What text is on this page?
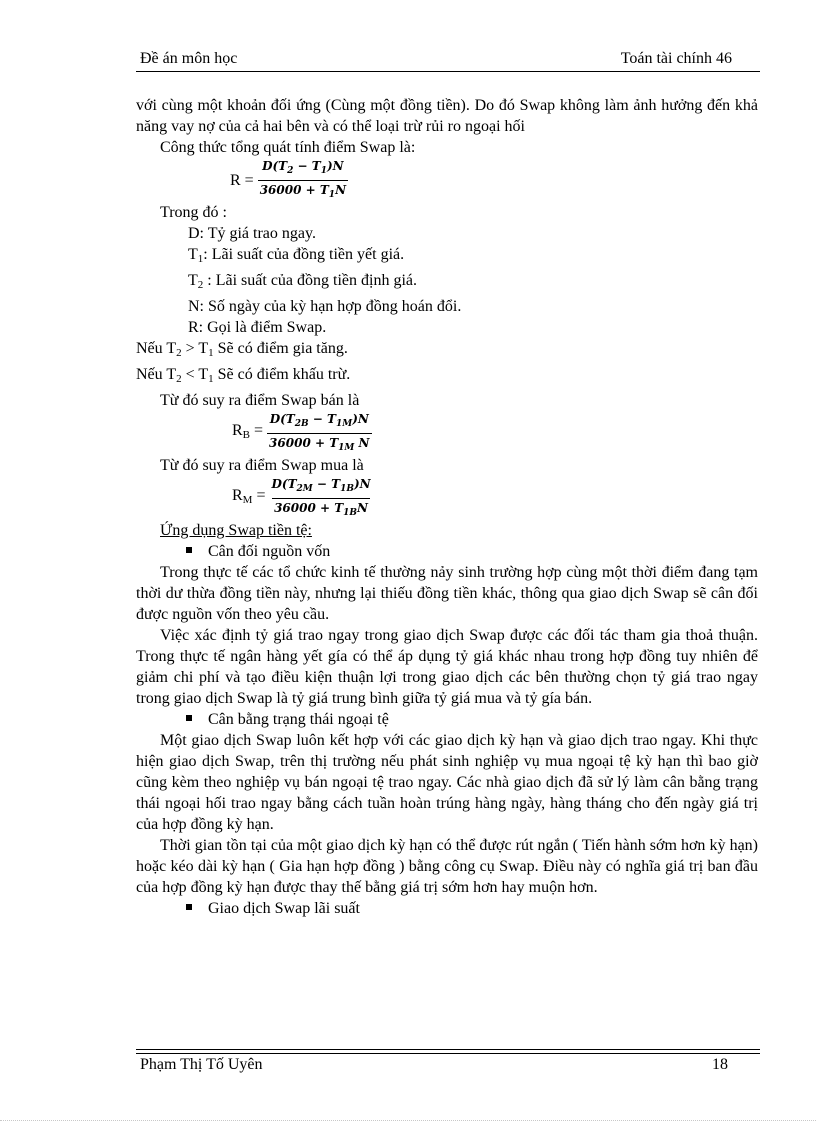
Đề án môn học	Toán tài chính 46

với cùng một khoản đối ứng (Cùng một đồng tiền). Do đó Swap không làm ảnh hưởng đến khả năng vay nợ của cả hai bên và có thể loại trừ rủi ro ngoại hối

Công thức tổng quát tính điểm Swap là:

$R = \frac{D(T_2 - T_1)N}{36000 + T_1N}$

Trong đó :

D: Tỷ giá trao ngay.

T1: Lãi suất của đồng tiền yết giá.

T2 : Lãi suất của đồng tiền định giá.

N: Số ngày của kỳ hạn hợp đồng hoán đổi.

R: Gọi là điểm Swap.

Nếu T2 > T1 Sẽ có điểm gia tăng.

Nếu T2 < T1 Sẽ có điểm khấu trừ.

Từ đó suy ra điểm Swap bán là

RB = $\frac{D(T_{2B} - T_{1M})N}{36000 + T_{1M} N}$

Từ đó suy ra điểm Swap mua là

RM = $\frac{D(T_{2M} - T_{1B})N}{36000 + T_{1B}N}$

Ứng dụng Swap tiền tệ:

Cân đối nguồn vốn

Trong thực tế các tổ chức kinh tế thường nảy sinh trường hợp cùng một thời điểm đang tạm thời dư thừa đồng tiền này, nhưng lại thiếu đồng tiền khác, thông qua giao dịch Swap sẽ cân đối được nguồn vốn theo yêu cầu.

Việc xác định tỷ giá trao ngay trong giao dịch Swap được các đối tác tham gia thoả thuận. Trong thực tế ngân hàng yết gía có thể áp dụng tỷ giá khác nhau trong hợp đồng tuy nhiên để giảm chi phí và tạo điều kiện thuận lợi trong giao dịch các bên thường chọn tỷ giá trao ngay trong giao dịch Swap là tỷ giá trung bình giữa tỷ giá mua và tỷ gía bán.

Cân bằng trạng thái ngoại tệ

Một giao dịch Swap luôn kết hợp với các giao dịch kỳ hạn và giao dịch trao ngay. Khi thực hiện giao dịch Swap, trên thị trường nếu phát sinh nghiệp vụ mua ngoại tệ kỳ hạn thì bao giờ cũng kèm theo nghiệp vụ bán ngoại tệ trao ngay. Các nhà giao dịch đã sử lý làm cân bằng trạng thái ngoại hối trao ngay bằng cách tuần hoàn trúng hàng ngày, hàng tháng cho đến ngày giá trị của hợp đồng kỳ hạn.

Thời gian tồn tại của một giao dịch kỳ hạn có thể được rút ngắn ( Tiến hành sớm hơn kỳ hạn) hoặc kéo dài kỳ hạn ( Gia hạn hợp đồng ) bằng công cụ Swap. Điều này có nghĩa giá trị ban đầu của hợp đồng kỳ hạn được thay thế bằng giá trị sớm hơn hay muộn hơn.

Giao dịch Swap lãi suất
Phạm Thị Tố Uyên	18
